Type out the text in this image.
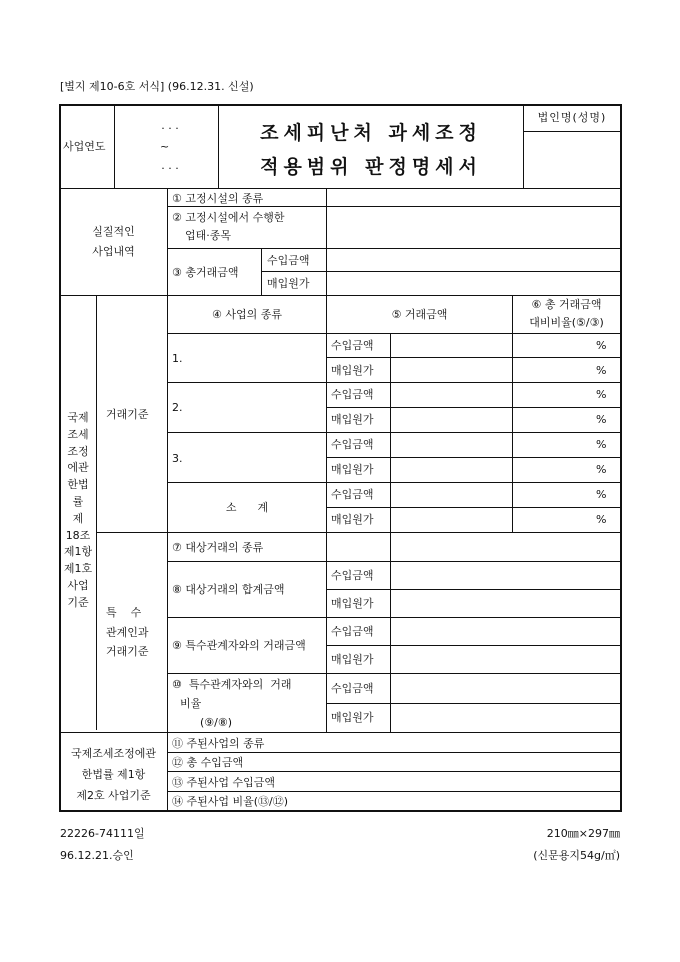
[별지 제10-6호 서식] (96.12.31. 신설)
사업연도
· · ·
~
· · ·
조세피난처 과세조정
적용범위 판정명세서
법인명(성명)
실질적인
사업내역
① 고정시설의 종류
② 고정시설에서 수행한
업태·종목
③ 총거래금액
수입금액
매입원가
국제
조세
조정
에관
한법
률
제
18조
제1항
제1호
사업
기준
거래기준
④ 사업의 종류	⑤ 거래금액
⑥ 총 거래금액
대비비율(⑤/③)
1.
수입금액
매입원가
%
%
2.
수입금액
매입원가
%
%
3.
수입금액
매입원가
%
%
소      계
수입금액
매입원가
%
%
특    수
관계인과
거래기준
⑦ 대상거래의 종류
⑧ 대상거래의 합계금액
수입금액
매입원가
⑨ 특수관계자와의 거래금액
수입금액
매입원가
⑩  특수관계자와의  거래
비율
(⑨/⑧)
수입금액
매입원가
국제조세조정에관
한법률 제1항
제2호 사업기준
⑪ 주된사업의 종류
⑫ 총 수입금액
⑬ 주된사업 수입금액
⑭ 주된사업 비율(⑬/⑫)
22226-74111일
96.12.21.승인
210㎜×297㎜
(신문용지54g/㎡)
